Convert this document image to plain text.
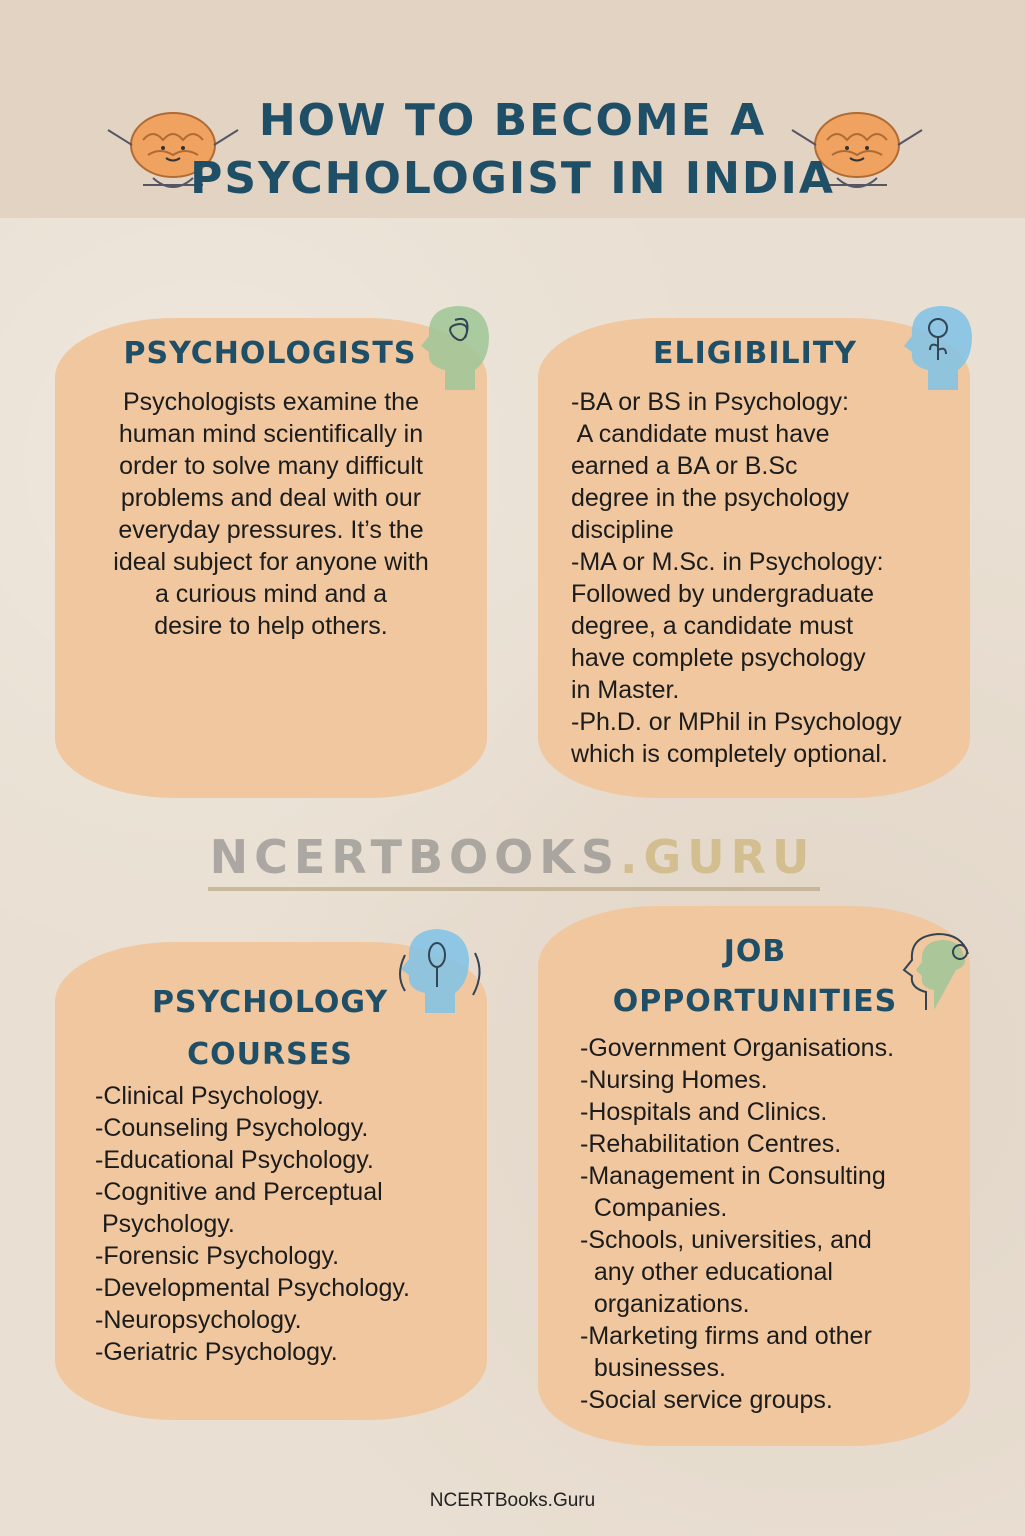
HOW TO BECOME A
PSYCHOLOGIST IN INDIA
PSYCHOLOGISTS
Psychologists examine the
human mind scientifically in
order to solve many difficult
problems and deal with our
everyday pressures. It’s the
ideal subject for anyone with
a curious mind and a
desire to help others.
ELIGIBILITY
-BA or BS in Psychology:
A candidate must have
earned a BA or B.Sc
degree in the psychology
discipline
-MA or M.Sc. in Psychology:
Followed by undergraduate
degree, a candidate must
have complete psychology
in Master.
-Ph.D. or MPhil in Psychology
which is completely optional.
NCERTBOOKS.GURU
PSYCHOLOGY
COURSES
-Clinical Psychology.
-Counseling Psychology.
-Educational Psychology.
-Cognitive and Perceptual
Psychology.
-Forensic Psychology.
-Developmental Psychology.
-Neuropsychology.
-Geriatric Psychology.
JOB
OPPORTUNITIES
-Government Organisations.
-Nursing Homes.
-Hospitals and Clinics.
-Rehabilitation Centres.
-Management in Consulting
Companies.
-Schools, universities, and
any other educational
organizations.
-Marketing firms and other
businesses.
-Social service groups.
NCERTBooks.Guru
